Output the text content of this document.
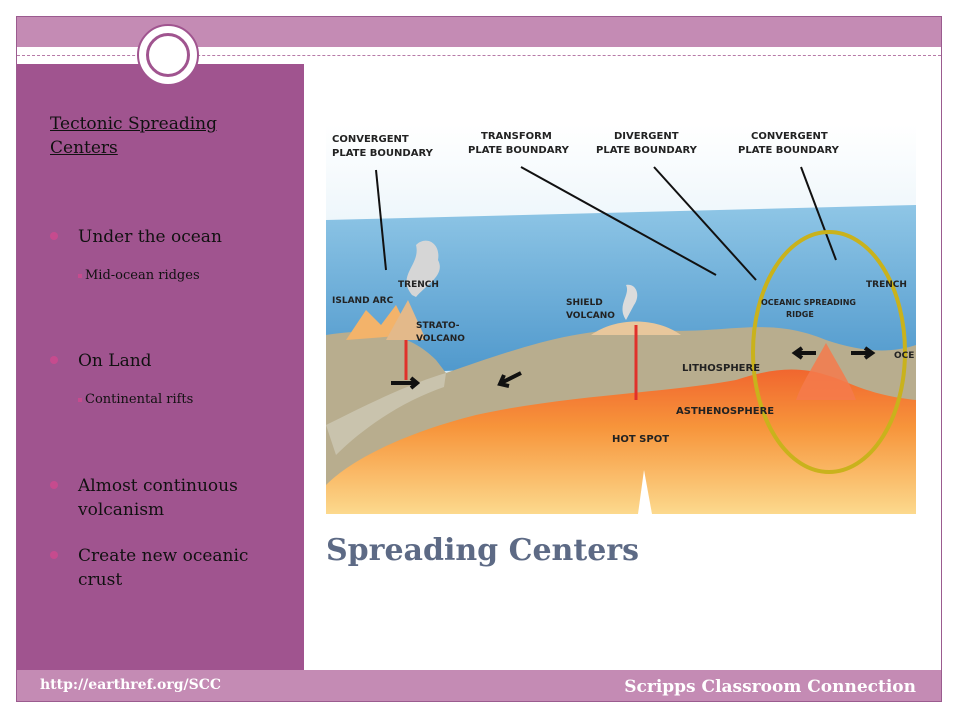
Tectonic Spreading Centers
Under the ocean
Mid-ocean ridges
On Land
Continental rifts
Almost continuous volcanism
Create new oceanic crust
CONVERGENT
PLATE BOUNDARY
TRANSFORM
PLATE BOUNDARY
DIVERGENT
PLATE BOUNDARY
CONVERGENT
PLATE BOUNDARY
TRENCH
ISLAND ARC	SHIELD
VOLCANO
STRATO-
VOLCANO
OCEANIC SPREADING
RIDGE
TRENCH
OCE
LITHOSPHERE
ASTHENOSPHERE
HOT SPOT
Spreading Centers
http://earthref.org/SCC	Scripps Classroom Connection
